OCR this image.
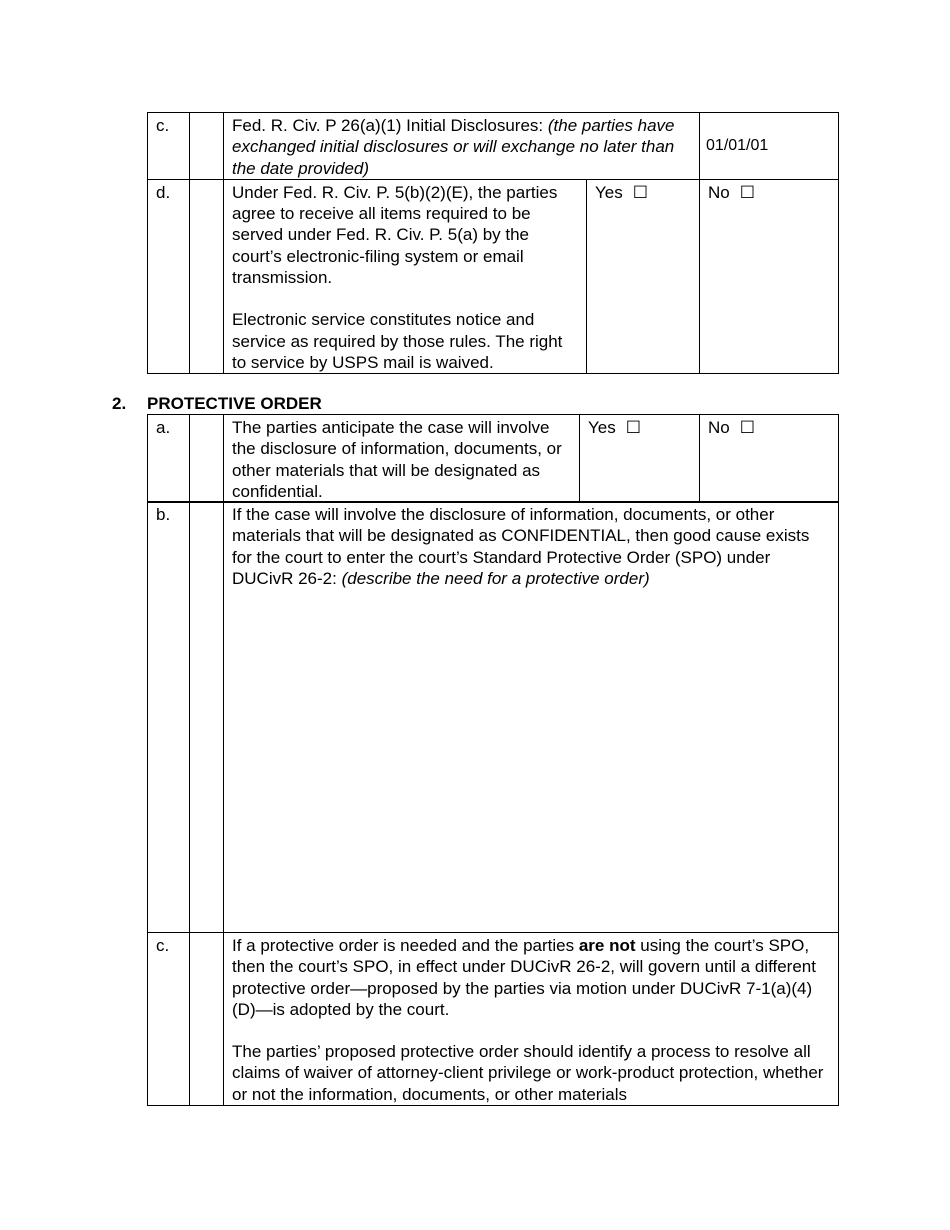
c.		Fed. R. Civ. P 26(a)(1) Initial Disclosures: (the parties have exchanged initial disclosures or will exchange no later than the date provided)		01/01/01
d.		Under Fed. R. Civ. P. 5(b)(2)(E), the parties agree to receive all items required to be served under Fed. R. Civ. P. 5(a) by the court’s electronic-filing system or email transmission.

Electronic service constitutes notice and service as required by those rules. The right to service by USPS mail is waived.	Yes ☐	No ☐
2. PROTECTIVE ORDER
a.		The parties anticipate the case will involve the disclosure of information, documents, or other materials that will be designated as confidential.	Yes ☐	No ☐
b.		If the case will involve the disclosure of information, documents, or other materials that will be designated as CONFIDENTIAL, then good cause exists for the court to enter the court’s Standard Protective Order (SPO) under DUCivR 26-2: (describe the need for a protective order)
c.		If a protective order is needed and the parties are not using the court’s SPO, then the court’s SPO, in effect under DUCivR 26-2, will govern until a different protective order—proposed by the parties via motion under DUCivR 7-1(a)(4)(D)—is adopted by the court.

The parties’ proposed protective order should identify a process to resolve all claims of waiver of attorney-client privilege or work-product protection, whether or not the information, documents, or other materials
